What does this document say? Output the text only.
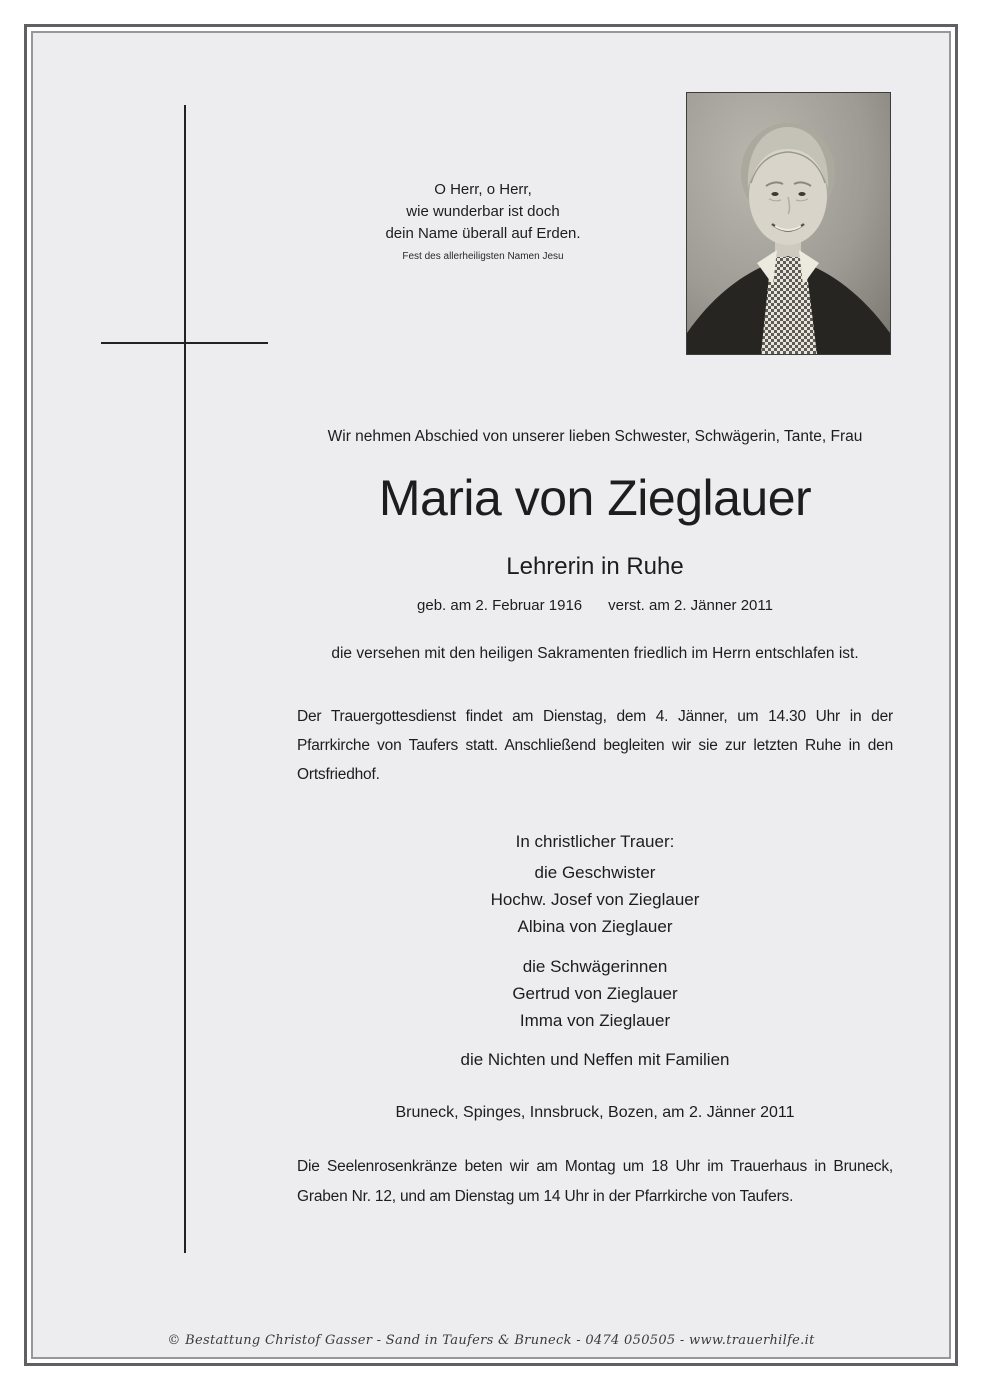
O Herr, o Herr,
wie wunderbar ist doch
dein Name überall auf Erden.
Fest des allerheiligsten Namen Jesu
Wir nehmen Abschied von unserer lieben Schwester, Schwägerin, Tante, Frau
Maria von Zieglauer
Lehrerin in Ruhe
geb. am 2. Februar 1916 verst. am 2. Jänner 2011
die versehen mit den heiligen Sakramenten friedlich im Herrn entschlafen ist.
Der Trauergottesdienst findet am Dienstag, dem 4. Jänner, um 14.30 Uhr in der Pfarrkirche von Taufers statt. Anschließend begleiten wir sie zur letzten Ruhe in den Ortsfriedhof.
In christlicher Trauer:
die Geschwister
Hochw. Josef von Zieglauer
Albina von Zieglauer
die Schwägerinnen
Gertrud von Zieglauer
Imma von Zieglauer
die Nichten und Neffen mit Familien
Bruneck, Spinges, Innsbruck, Bozen, am 2. Jänner 2011
Die Seelenrosenkränze beten wir am Montag um 18 Uhr im Trauerhaus in Bruneck, Graben Nr. 12, und am Dienstag um 14 Uhr in der Pfarrkirche von Taufers.
© Bestattung Christof Gasser - Sand in Taufers & Bruneck - 0474 050505 - www.trauerhilfe.it
